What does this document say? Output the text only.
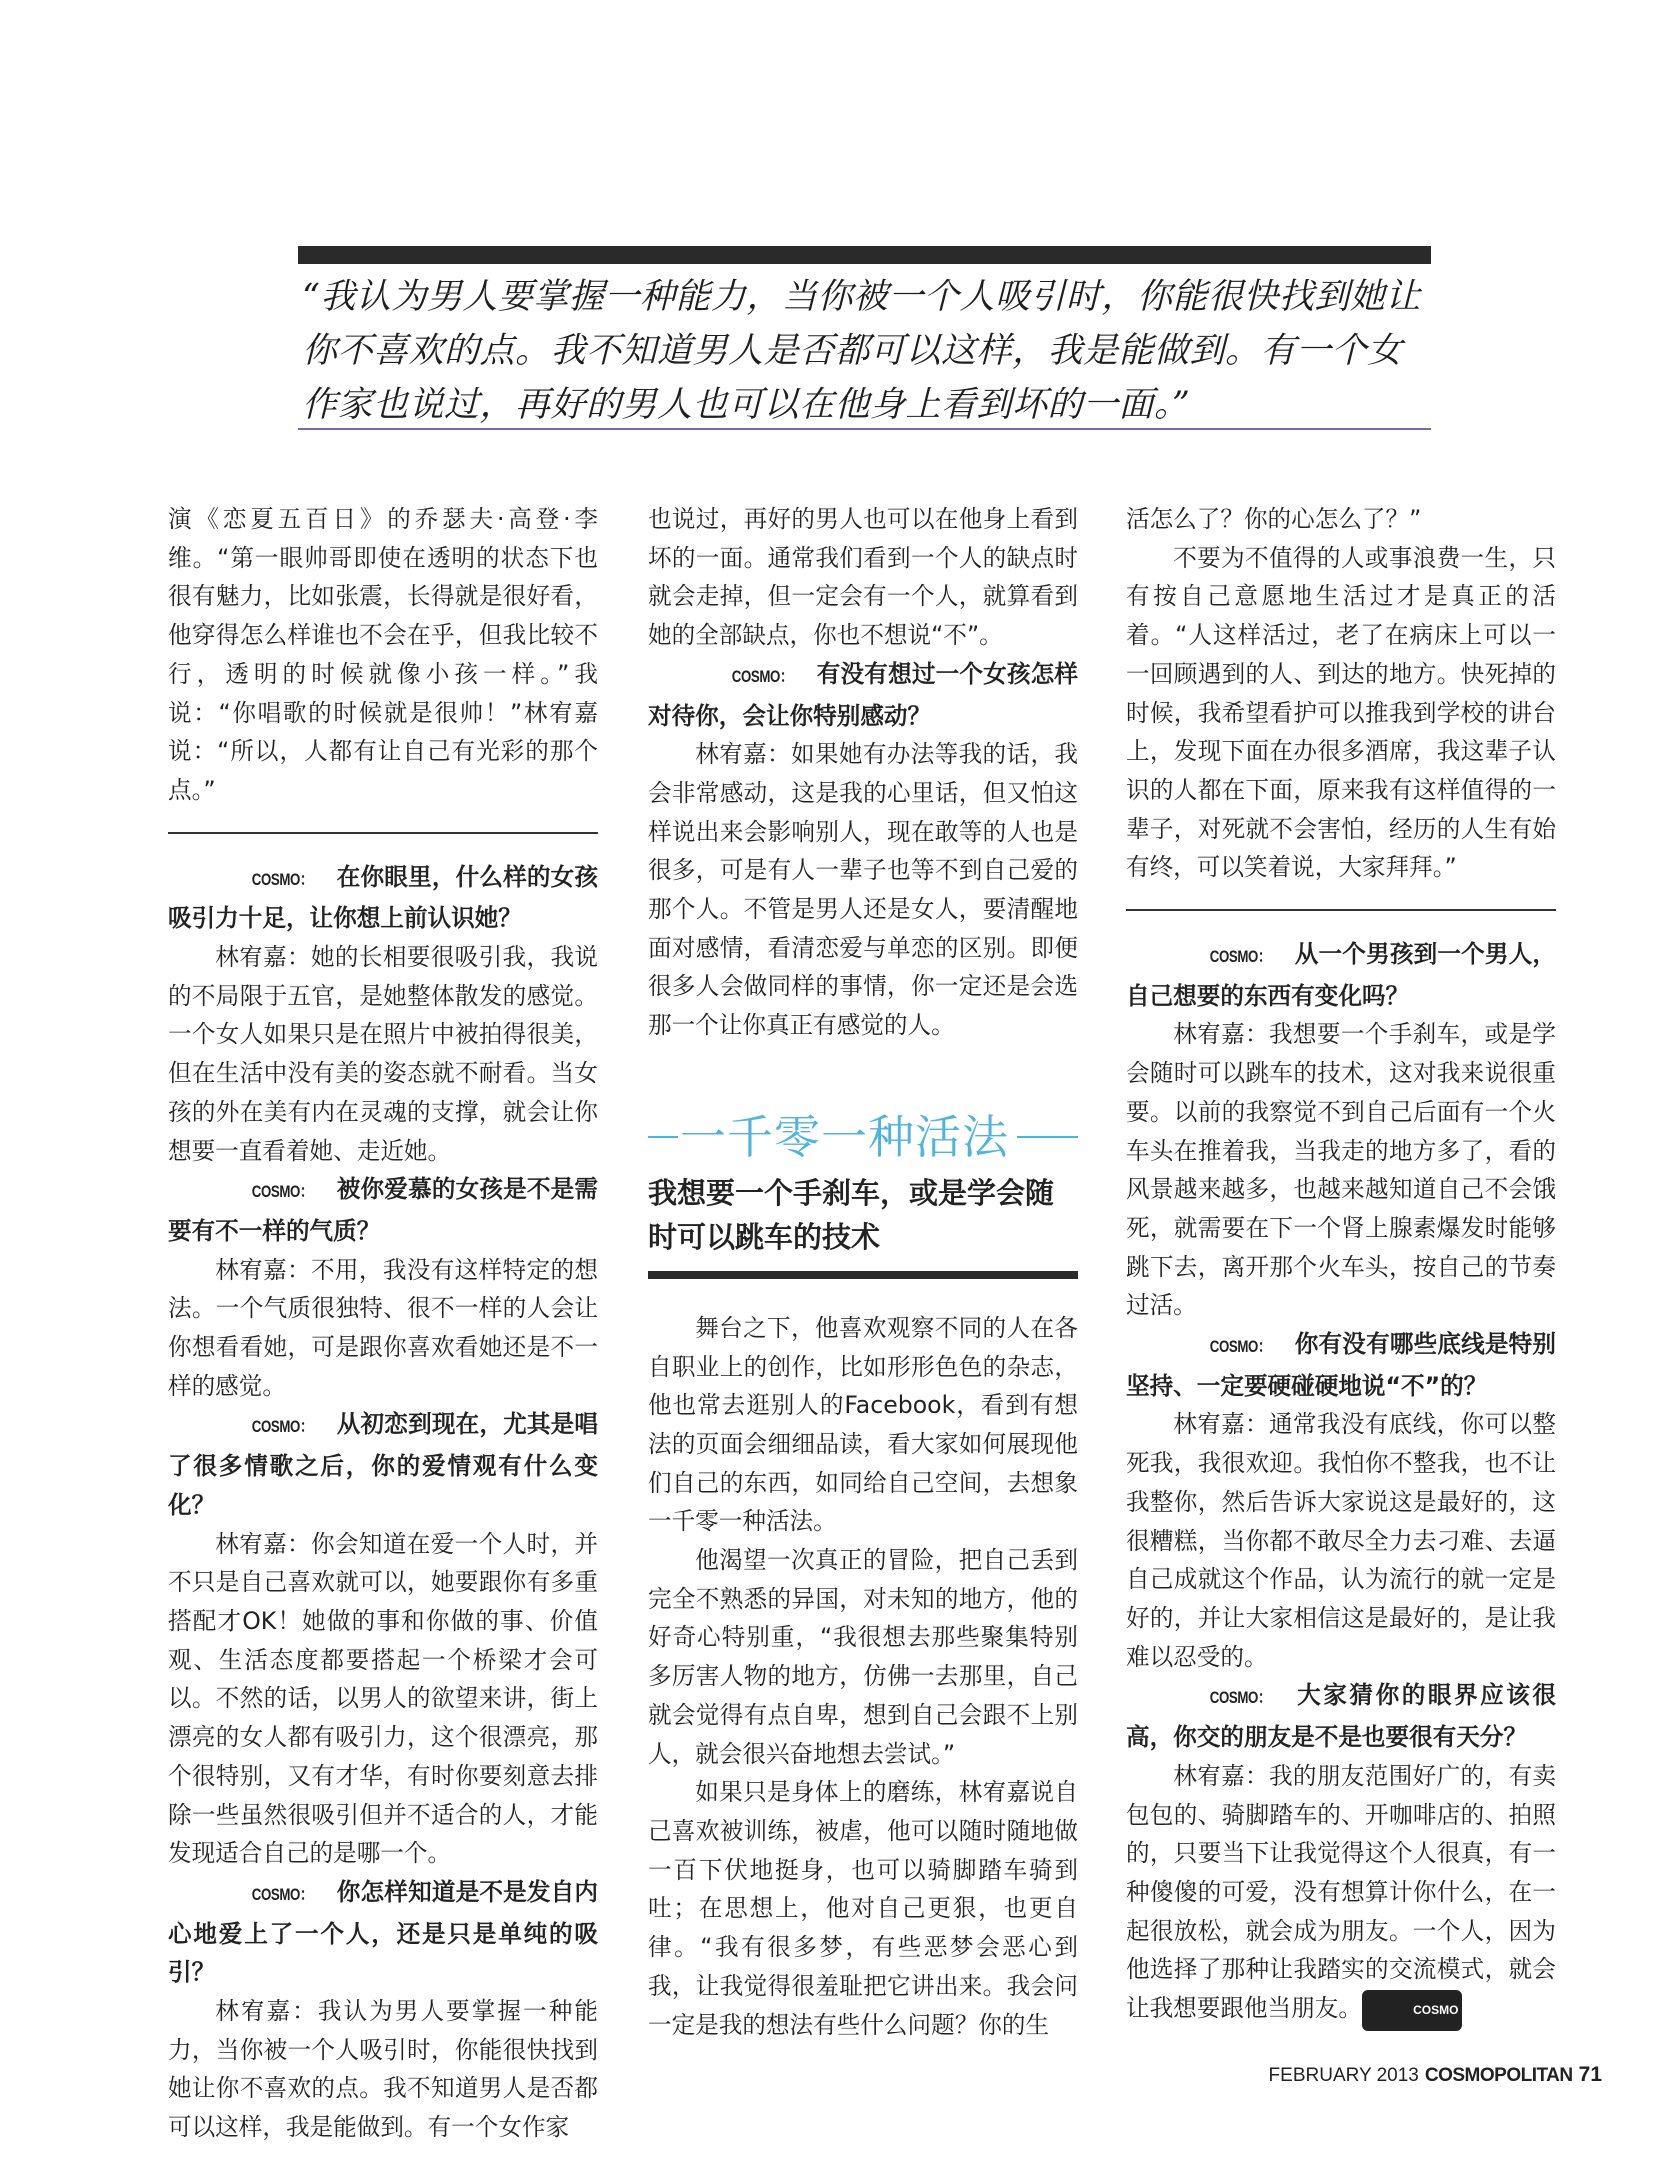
“我认为男人要掌握一种能力，当你被一个人吸引时，你能很快找到她让你不喜欢的点。我不知道男人是否都可以这样，我是能做到。有一个女作家也说过，再好的男人也可以在他身上看到坏的一面。”

演《恋夏五百日》的乔瑟夫·高登·李维。“第一眼帅哥即使在透明的状态下也很有魅力，比如张震，长得就是很好看，他穿得怎么样谁也不会在乎，但我比较不行，透明的时候就像小孩一样。”我说：“你唱歌的时候就是很帅！”林宥嘉说：“所以，人都有让自己有光彩的那个点。”

COSMO： 在你眼里，什么样的女孩吸引力十足，让你想上前认识她？

林宥嘉：她的长相要很吸引我，我说的不局限于五官，是她整体散发的感觉。一个女人如果只是在照片中被拍得很美，但在生活中没有美的姿态就不耐看。当女孩的外在美有内在灵魂的支撑，就会让你想要一直看着她、走近她。

COSMO： 被你爱慕的女孩是不是需要有不一样的气质？

林宥嘉：不用，我没有这样特定的想法。一个气质很独特、很不一样的人会让你想看看她，可是跟你喜欢看她还是不一样的感觉。

COSMO： 从初恋到现在，尤其是唱了很多情歌之后，你的爱情观有什么变化？

林宥嘉：你会知道在爱一个人时，并不只是自己喜欢就可以，她要跟你有多重搭配才OK！她做的事和你做的事、价值观、生活态度都要搭起一个桥梁才会可以。不然的话，以男人的欲望来讲，街上漂亮的女人都有吸引力，这个很漂亮，那个很特别，又有才华，有时你要刻意去排除一些虽然很吸引但并不适合的人，才能发现适合自己的是哪一个。

COSMO： 你怎样知道是不是发自内心地爱上了一个人，还是只是单纯的吸引？

林宥嘉：我认为男人要掌握一种能力，当你被一个人吸引时，你能很快找到她让你不喜欢的点。我不知道男人是否都可以这样，我是能做到。有一个女作家

也说过，再好的男人也可以在他身上看到坏的一面。通常我们看到一个人的缺点时就会走掉，但一定会有一个人，就算看到她的全部缺点，你也不想说“不”。

COSMO： 有没有想过一个女孩怎样对待你，会让你特别感动？

林宥嘉：如果她有办法等我的话，我会非常感动，这是我的心里话，但又怕这样说出来会影响别人，现在敢等的人也是很多，可是有人一辈子也等不到自己爱的那个人。不管是男人还是女人，要清醒地面对感情，看清恋爱与单恋的区别。即便很多人会做同样的事情，你一定还是会选那一个让你真正有感觉的人。

一千零一种活法
我想要一个手刹车，或是学会随时可以跳车的技术

舞台之下，他喜欢观察不同的人在各自职业上的创作，比如形形色色的杂志，他也常去逛别人的Facebook，看到有想法的页面会细细品读，看大家如何展现他们自己的东西，如同给自己空间，去想象一千零一种活法。

他渴望一次真正的冒险，把自己丢到完全不熟悉的异国，对未知的地方，他的好奇心特别重，“我很想去那些聚集特别多厉害人物的地方，仿佛一去那里，自己就会觉得有点自卑，想到自己会跟不上别人，就会很兴奋地想去尝试。”

如果只是身体上的磨练，林宥嘉说自己喜欢被训练，被虐，他可以随时随地做一百下伏地挺身，也可以骑脚踏车骑到吐；在思想上，他对自己更狠，也更自律。“我有很多梦，有些恶梦会恶心到我，让我觉得很羞耻把它讲出来。我会问一定是我的想法有些什么问题？你的生

活怎么了？你的心怎么了？”

不要为不值得的人或事浪费一生，只有按自己意愿地生活过才是真正的活着。“人这样活过，老了在病床上可以一一回顾遇到的人、到达的地方。快死掉的时候，我希望看护可以推我到学校的讲台上，发现下面在办很多酒席，我这辈子认识的人都在下面，原来我有这样值得的一辈子，对死就不会害怕，经历的人生有始有终，可以笑着说，大家拜拜。”

COSMO： 从一个男孩到一个男人，自己想要的东西有变化吗？

林宥嘉：我想要一个手刹车，或是学会随时可以跳车的技术，这对我来说很重要。以前的我察觉不到自己后面有一个火车头在推着我，当我走的地方多了，看的风景越来越多，也越来越知道自己不会饿死，就需要在下一个肾上腺素爆发时能够跳下去，离开那个火车头，按自己的节奏过活。

COSMO： 你有没有哪些底线是特别坚持、一定要硬碰硬地说“不”的？

林宥嘉：通常我没有底线，你可以整死我，我很欢迎。我怕你不整我，也不让我整你，然后告诉大家说这是最好的，这很糟糕，当你都不敢尽全力去刁难、去逼自己成就这个作品，认为流行的就一定是好的，并让大家相信这是最好的，是让我难以忍受的。

COSMO： 大家猜你的眼界应该很高，你交的朋友是不是也要很有天分？

林宥嘉：我的朋友范围好广的，有卖包包的、骑脚踏车的、开咖啡店的、拍照的，只要当下让我觉得这个人很真，有一种傻傻的可爱，没有想算计你什么，在一起很放松，就会成为朋友。一个人，因为他选择了那种让我踏实的交流模式，就会让我想要跟他当朋友。	COSMO

FEBRUARY 2013 COSMOPOLITAN 71
